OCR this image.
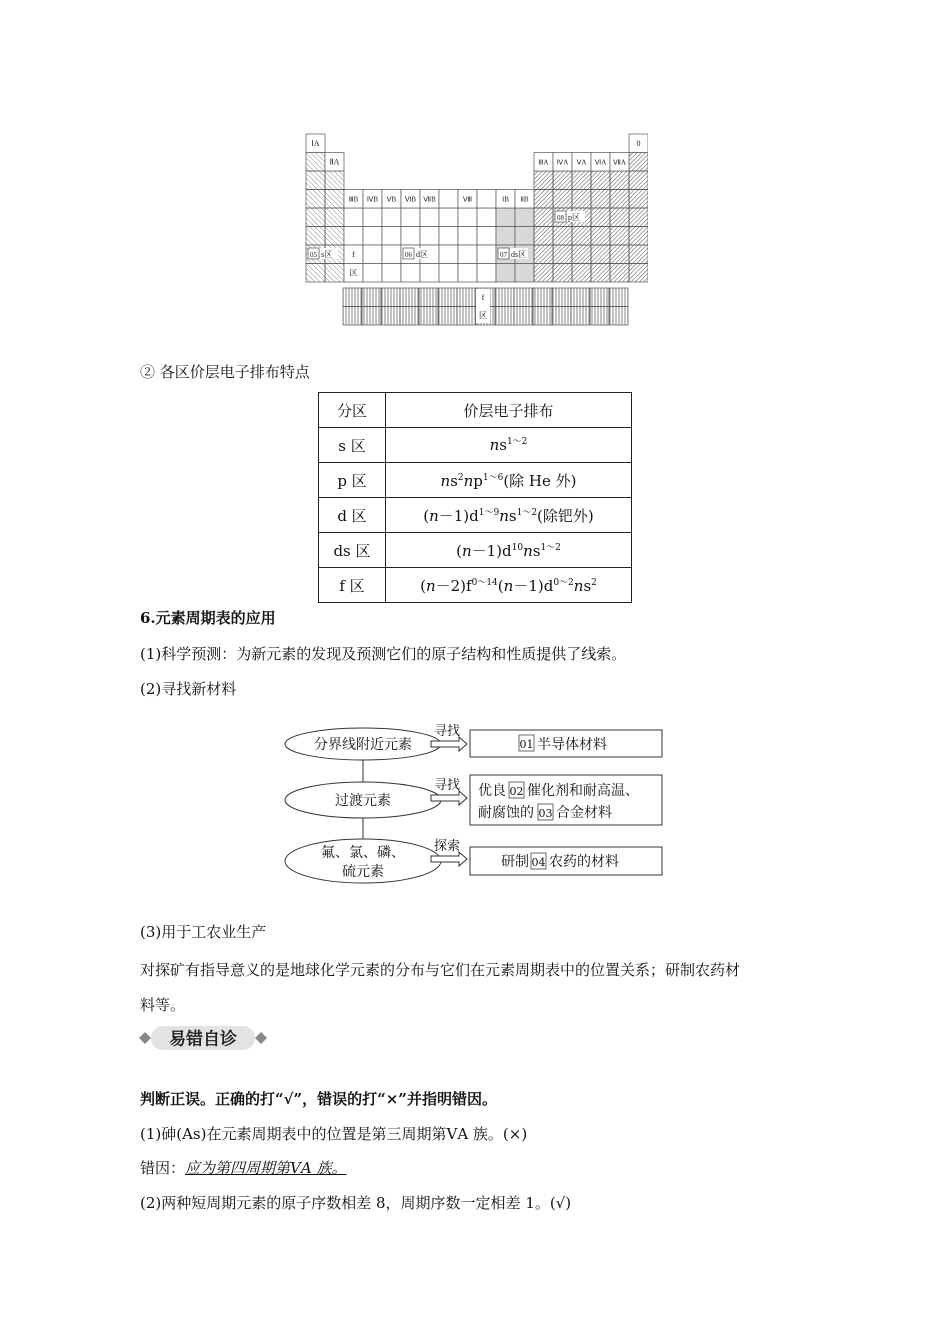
ⅠA
ⅡA
0
ⅢA ⅣA ⅤA ⅥA ⅦA
ⅢB ⅣB ⅤB ⅥB ⅦB	Ⅷ	ⅠB ⅡB
05 s区	06 d区	07 ds区
08 p区
f
区
f
区
② 各区价层电子排布特点
分区	价层电子排布
s 区	$ns^{1\sim 2}$
p 区	$ns^2np^{1\sim 6}$(除 He 外)
d 区	$(n-1)d^{1\sim 9}ns^{1\sim 2}$(除钯外)
ds 区	$(n-1)d^{10}ns^{1\sim 2}$
f 区	$(n-2)f^{0\sim 14}(n-1)d^{0\sim 2}ns^2$
6.元素周期表的应用
(1)科学预测：为新元素的发现及预测它们的原子结构和性质提供了线索。
(2)寻找新材料
分界线附近元素
过渡元素
氟、氯、磷、
硫元素
寻找
寻找
探索
01 半导体材料
优良 02 催化剂和耐高温、
耐腐蚀的 03 合金材料
研制 04 农药的材料
(3)用于工农业生产
对探矿有指导意义的是地球化学元素的分布与它们在元素周期表中的位置关系；研制农药材
料等。
易错自诊
判断正误。正确的打“√”，错误的打“×”并指明错因。
(1)砷(As)在元素周期表中的位置是第三周期第ⅤA 族。(×)
错因：应为第四周期第ⅤA 族。
(2)两种短周期元素的原子序数相差 8，周期序数一定相差 1。(√)
